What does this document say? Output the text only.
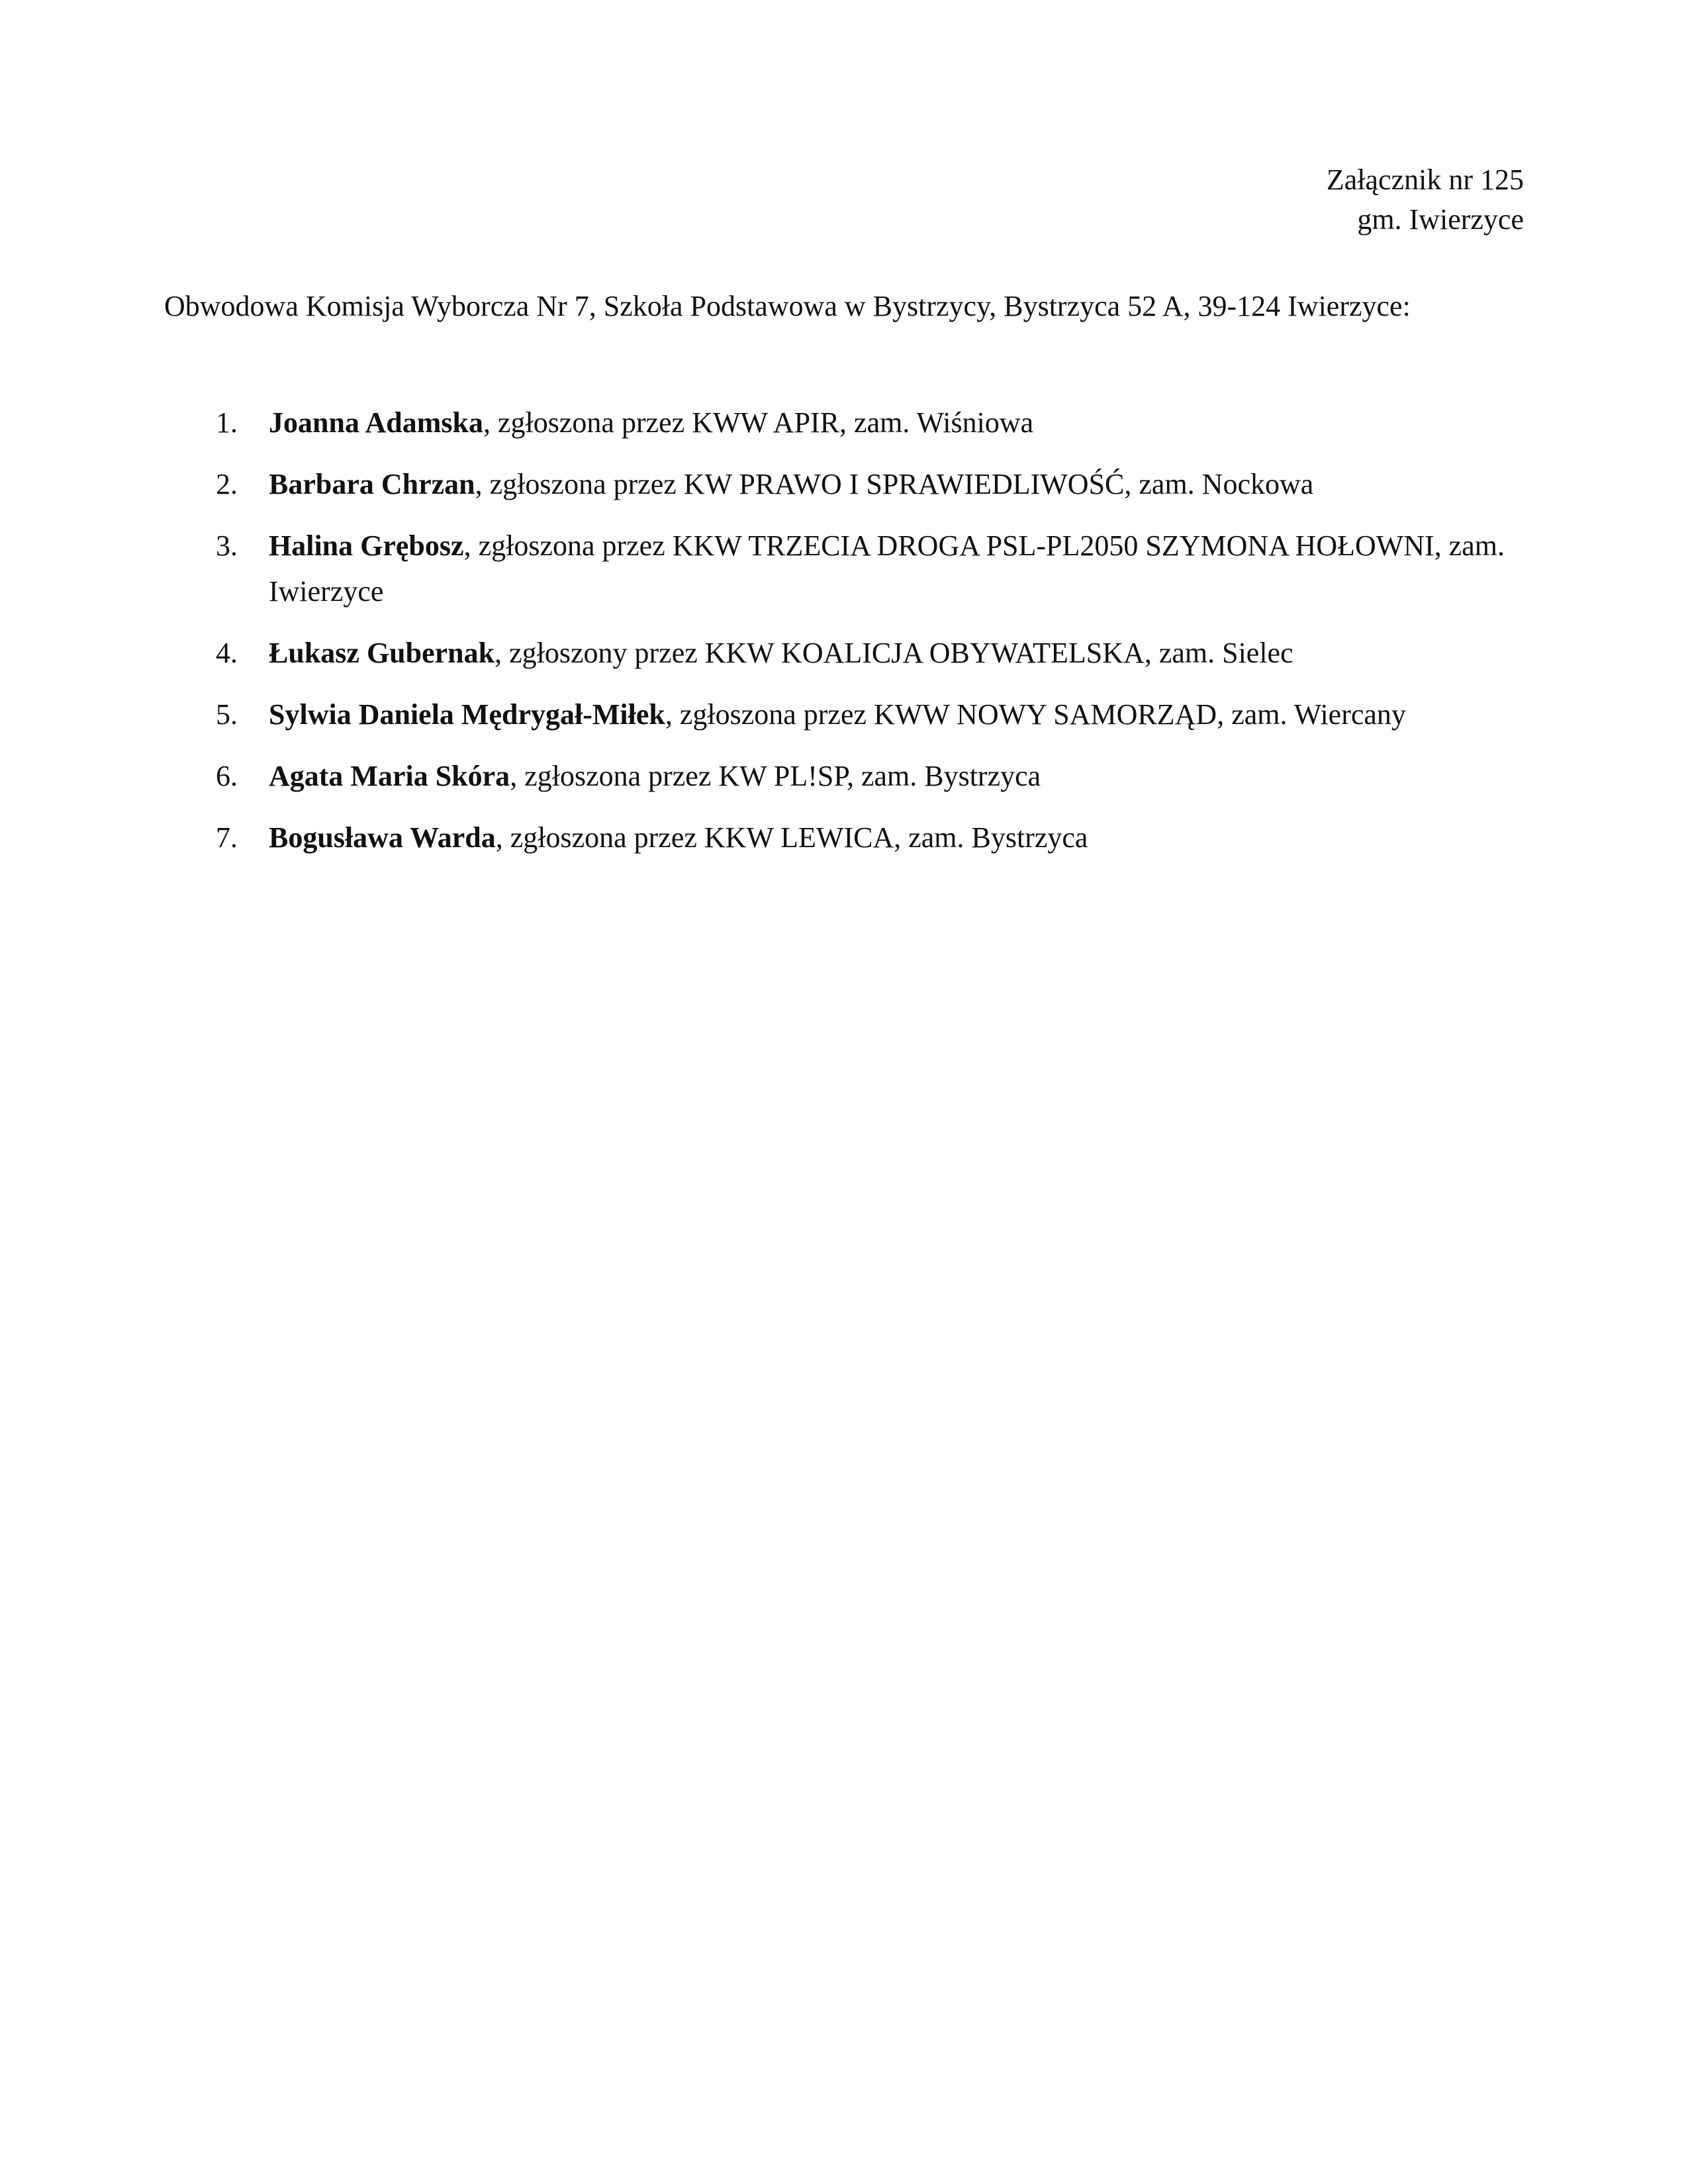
Załącznik nr 125
gm. Iwierzyce
Obwodowa Komisja Wyborcza Nr 7, Szkoła Podstawowa w Bystrzycy, Bystrzyca 52 A, 39-124 Iwierzyce:
1. Joanna Adamska, zgłoszona przez KWW APIR, zam. Wiśniowa
2. Barbara Chrzan, zgłoszona przez KW PRAWO I SPRAWIEDLIWOŚĆ, zam. Nockowa
3. Halina Grębosz, zgłoszona przez KKW TRZECIA DROGA PSL-PL2050 SZYMONA HOŁOWNI, zam. Iwierzyce
4. Łukasz Gubernak, zgłoszony przez KKW KOALICJA OBYWATELSKA, zam. Sielec
5. Sylwia Daniela Mędrygał-Miłek, zgłoszona przez KWW NOWY SAMORZĄD, zam. Wiercany
6. Agata Maria Skóra, zgłoszona przez KW PL!SP, zam. Bystrzyca
7. Bogusława Warda, zgłoszona przez KKW LEWICA, zam. Bystrzyca
